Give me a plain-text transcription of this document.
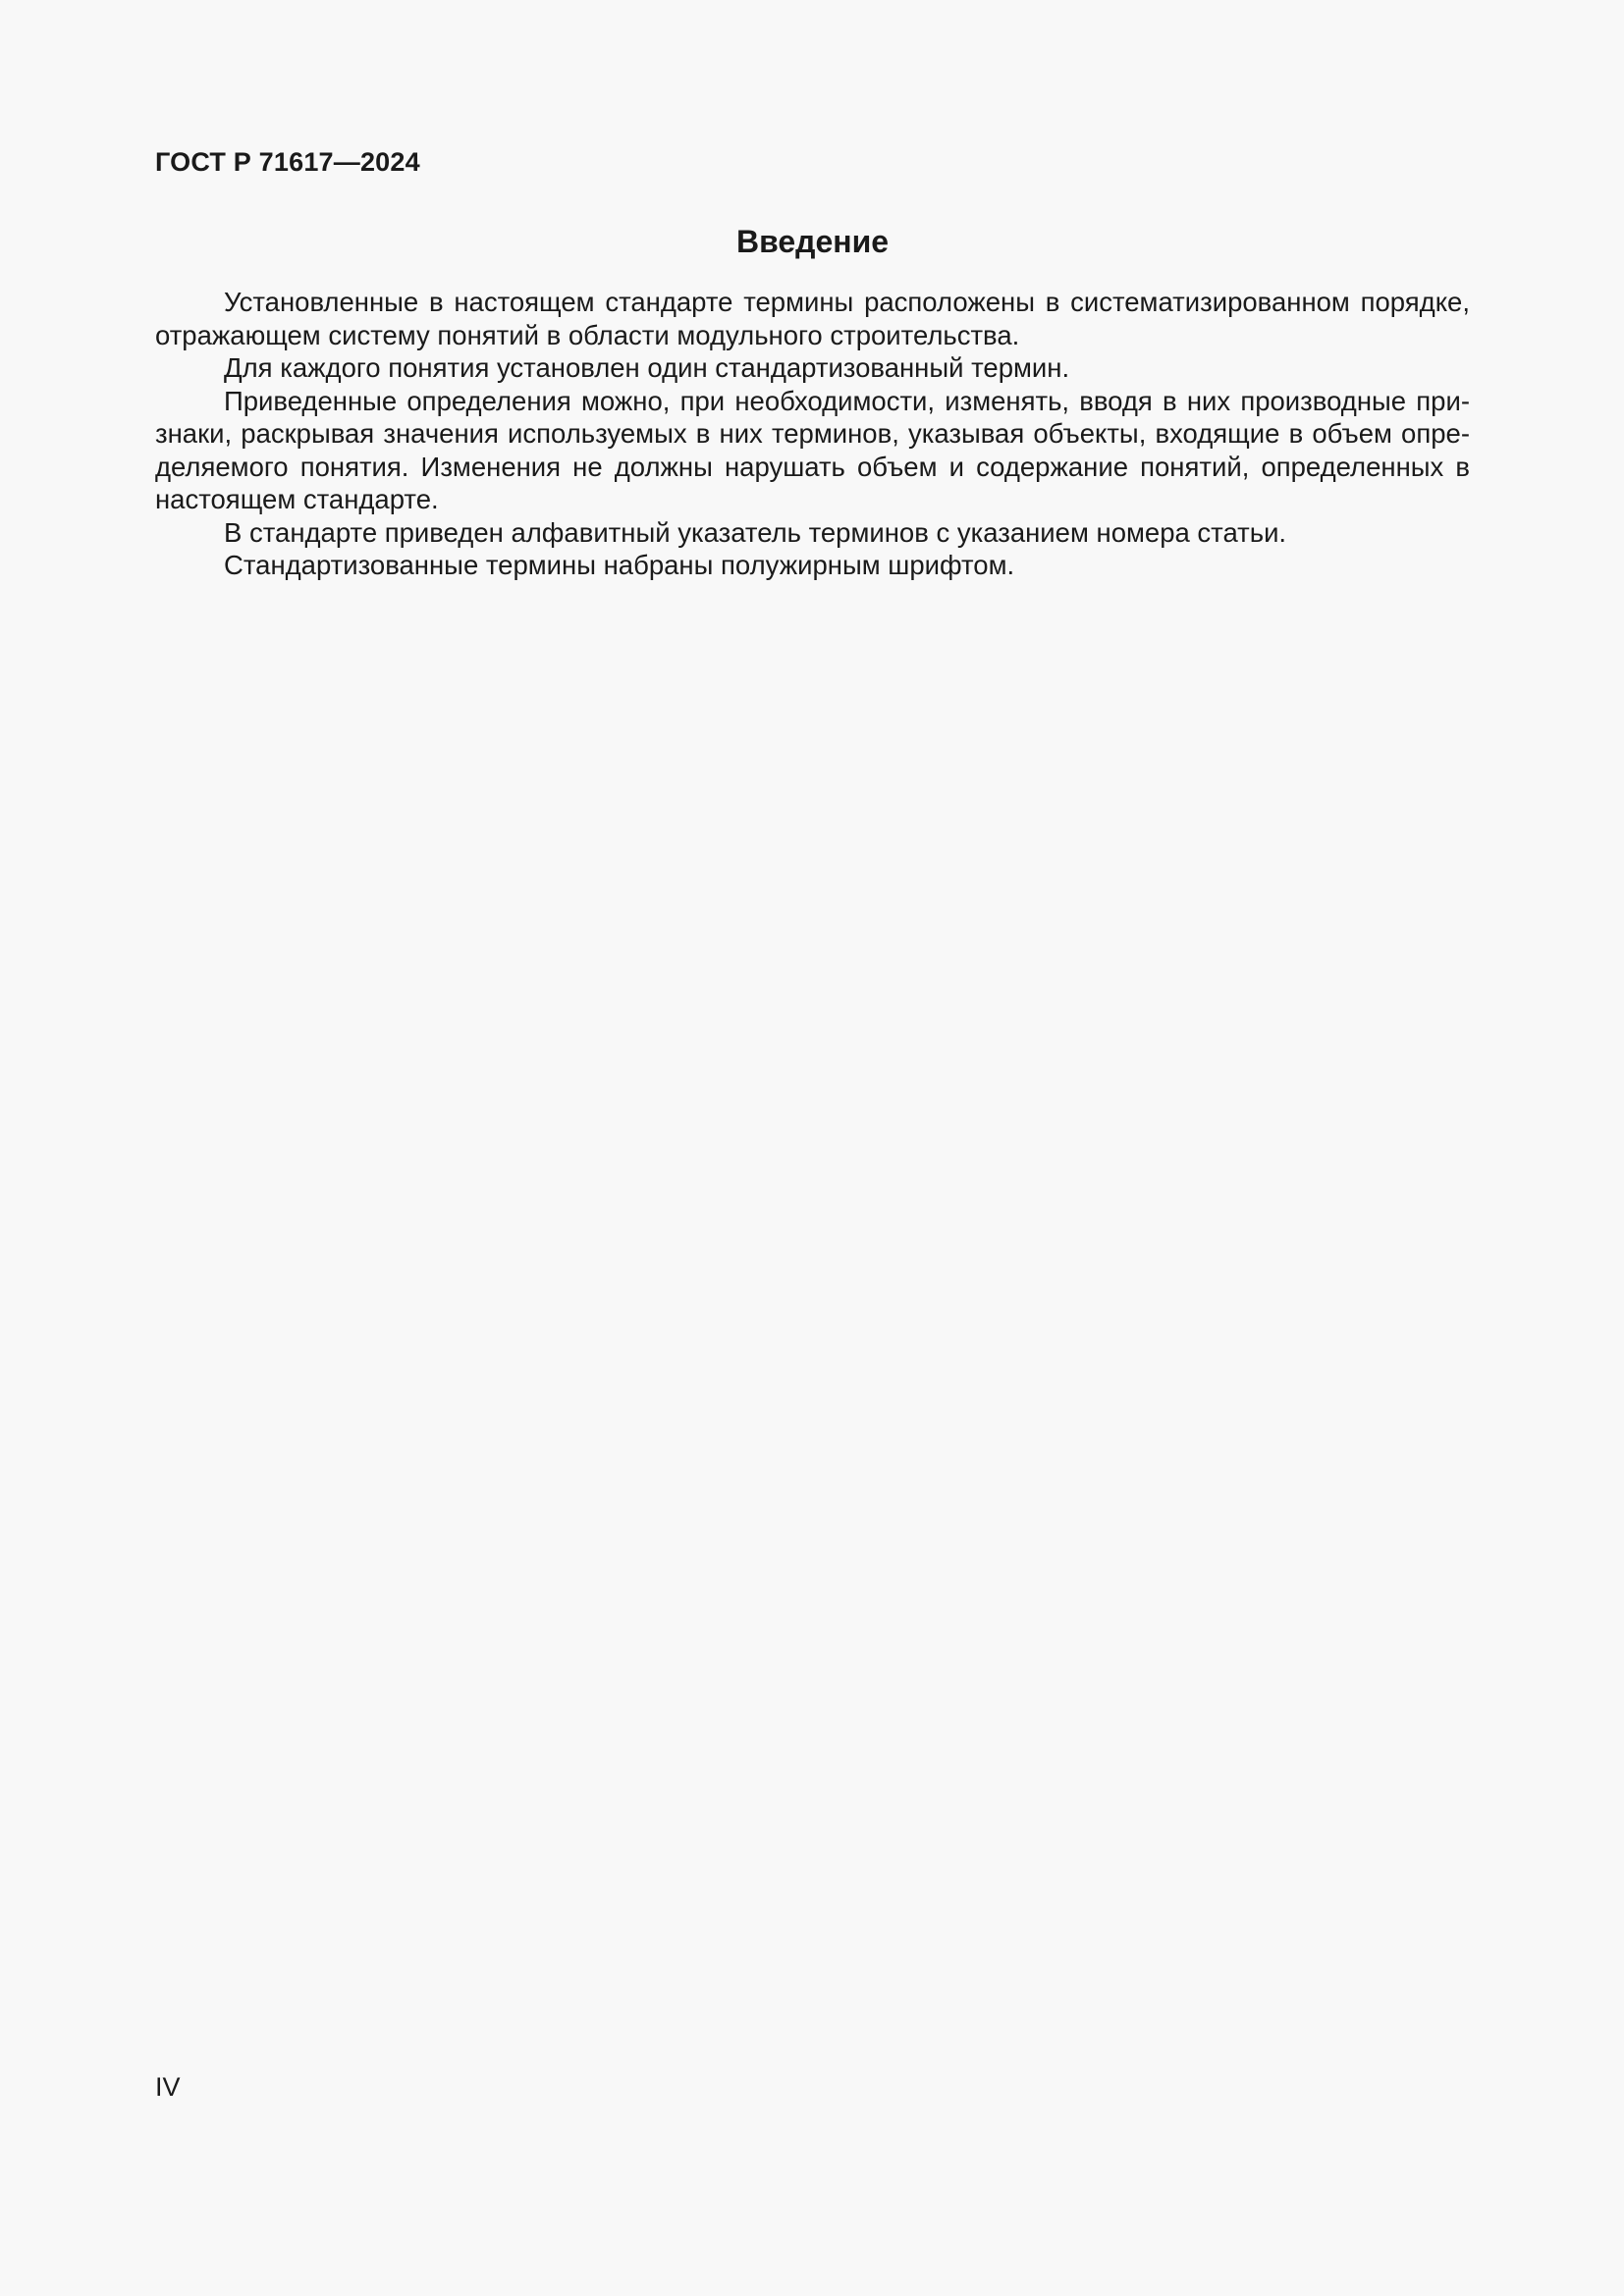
ГОСТ Р 71617—2024
Введение

Установленные в настоящем стандарте термины расположены в систематизированном порядке, отражающем систему понятий в области модульного строительства.

Для каждого понятия установлен один стандартизованный термин.

Приведенные определения можно, при необходимости, изменять, вводя в них производные признаки, раскрывая значения используемых в них терминов, указывая объекты, входящие в объем определяемого понятия. Изменения не должны нарушать объем и содержание понятий, определенных в настоящем стандарте.

В стандарте приведен алфавитный указатель терминов с указанием номера статьи.

Стандартизованные термины набраны полужирным шрифтом.

IV
